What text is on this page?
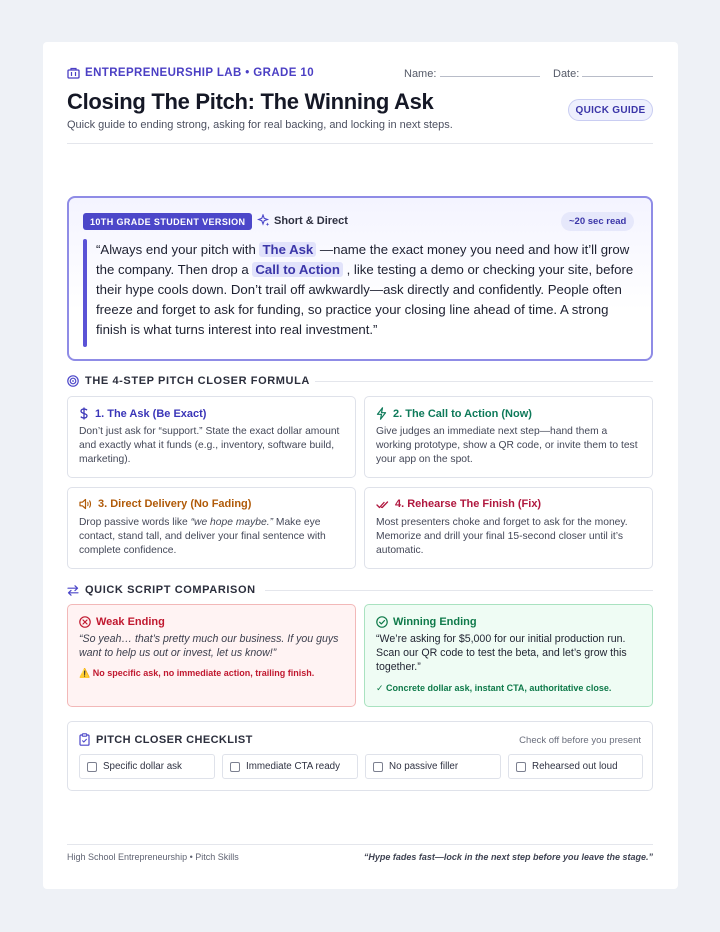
ENTREPRENEURSHIP LAB • GRADE 10	Name:	Date:
Closing The Pitch: The Winning Ask
Quick guide to ending strong, asking for real backing, and locking in next steps.
QUICK GUIDE
10TH GRADE STUDENT VERSION	Short & Direct	~20 sec read
“Always end your pitch with The Ask —name the exact money you need and how it’ll grow the company. Then drop a Call to Action , like testing a demo or checking your site, before their hype cools down. Don’t trail off awkwardly—ask directly and confidently. People often freeze and forget to ask for funding, so practice your closing line ahead of time. A strong finish is what turns interest into real investment.”
THE 4-STEP PITCH CLOSER FORMULA
1. The Ask (Be Exact)
Don’t just ask for “support.” State the exact dollar amount and exactly what it funds (e.g., inventory, software build, marketing).
2. The Call to Action (Now)
Give judges an immediate next step—hand them a working prototype, show a QR code, or invite them to test your app on the spot.
3. Direct Delivery (No Fading)
Drop passive words like “we hope maybe.” Make eye contact, stand tall, and deliver your final sentence with complete confidence.
4. Rehearse The Finish (Fix)
Most presenters choke and forget to ask for the money. Memorize and drill your final 15-second closer until it’s automatic.
QUICK SCRIPT COMPARISON
Weak Ending
“So yeah… that’s pretty much our business. If you guys want to help us out or invest, let us know!”
⚠️ No specific ask, no immediate action, trailing finish.
Winning Ending
“We’re asking for $5,000 for our initial production run. Scan our QR code to test the beta, and let’s grow this together.”
✓ Concrete dollar ask, instant CTA, authoritative close.
PITCH CLOSER CHECKLIST	Check off before you present
Specific dollar ask	Immediate CTA ready	No passive filler	Rehearsed out loud
High School Entrepreneurship • Pitch Skills	“Hype fades fast—lock in the next step before you leave the stage.”
